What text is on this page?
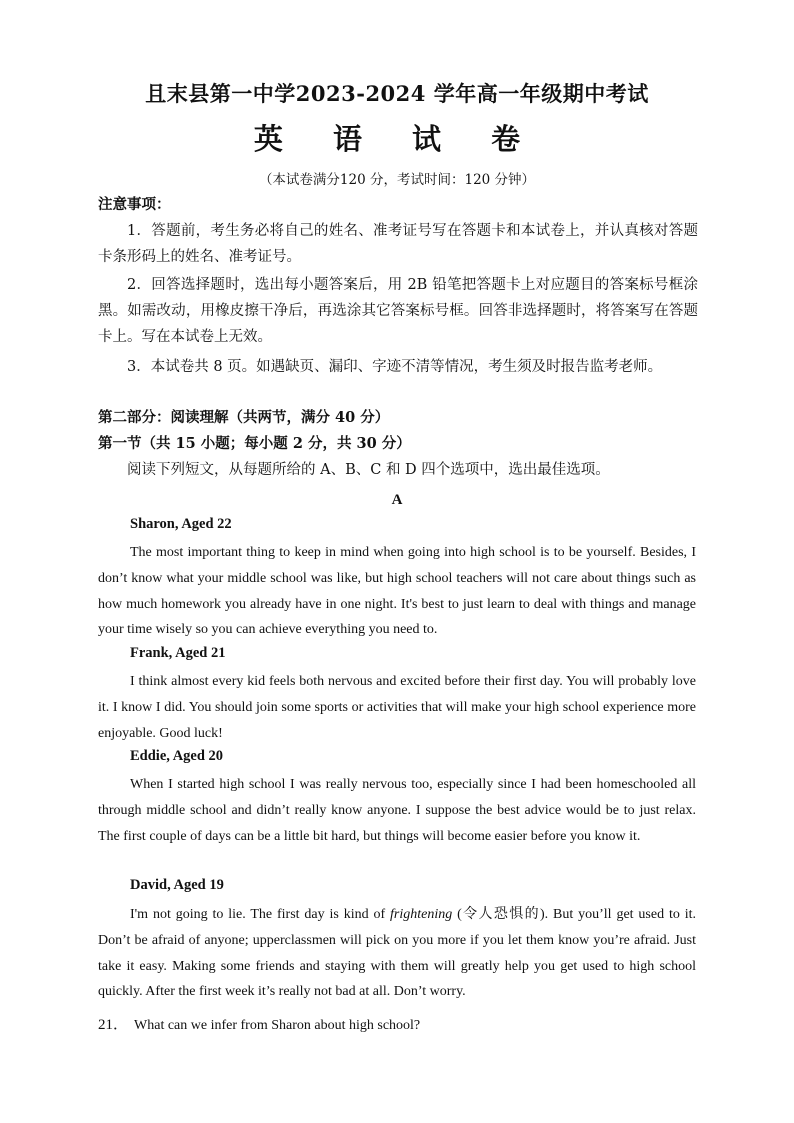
且末县第一中学2023-2024 学年高一年级期中考试
英 语 试 卷
（本试卷满分120 分，考试时间：120 分钟）

注意事项：

1．答题前，考生务必将自己的姓名、准考证号写在答题卡和本试卷上，并认真核对答题卡条形码上的姓名、准考证号。

2．回答选择题时，选出每小题答案后，用 2B 铅笔把答题卡上对应题目的答案标号框涂黑。如需改动，用橡皮擦干净后，再选涂其它答案标号框。回答非选择题时，将答案写在答题卡上。写在本试卷上无效。

3．本试卷共 8 页。如遇缺页、漏印、字迹不清等情况，考生须及时报告监考老师。

第二部分：阅读理解（共两节，满分 40 分）

第一节（共 15 小题；每小题 2 分，共 30 分）

阅读下列短文，从每题所给的 A、B、C 和 D 四个选项中，选出最佳选项。

A

Sharon, Aged 22

The most important thing to keep in mind when going into high school is to be yourself. Besides, I don’t know what your middle school was like, but high school teachers will not care about things such as how much homework you already have in one night. It's best to just learn to deal with things and manage your time wisely so you can achieve everything you need to.

Frank, Aged 21

I think almost every kid feels both nervous and excited before their first day. You will probably love it. I know I did. You should join some sports or activities that will make your high school experience more enjoyable. Good luck!

Eddie, Aged 20

When I started high school I was really nervous too, especially since I had been homeschooled all through middle school and didn’t really know anyone. I suppose the best advice would be to just relax. The first couple of days can be a little bit hard, but things will become easier before you know it.

David, Aged 19

I'm not going to lie. The first day is kind of frightening (令人恐惧的). But you’ll get used to it. Don’t be afraid of anyone; upperclassmen will pick on you more if you let them know you’re afraid. Just take it easy. Making some friends and staying with them will greatly help you get used to high school quickly. After the first week it’s really not bad at all. Don’t worry.

21． What can we infer from Sharon about high school?
